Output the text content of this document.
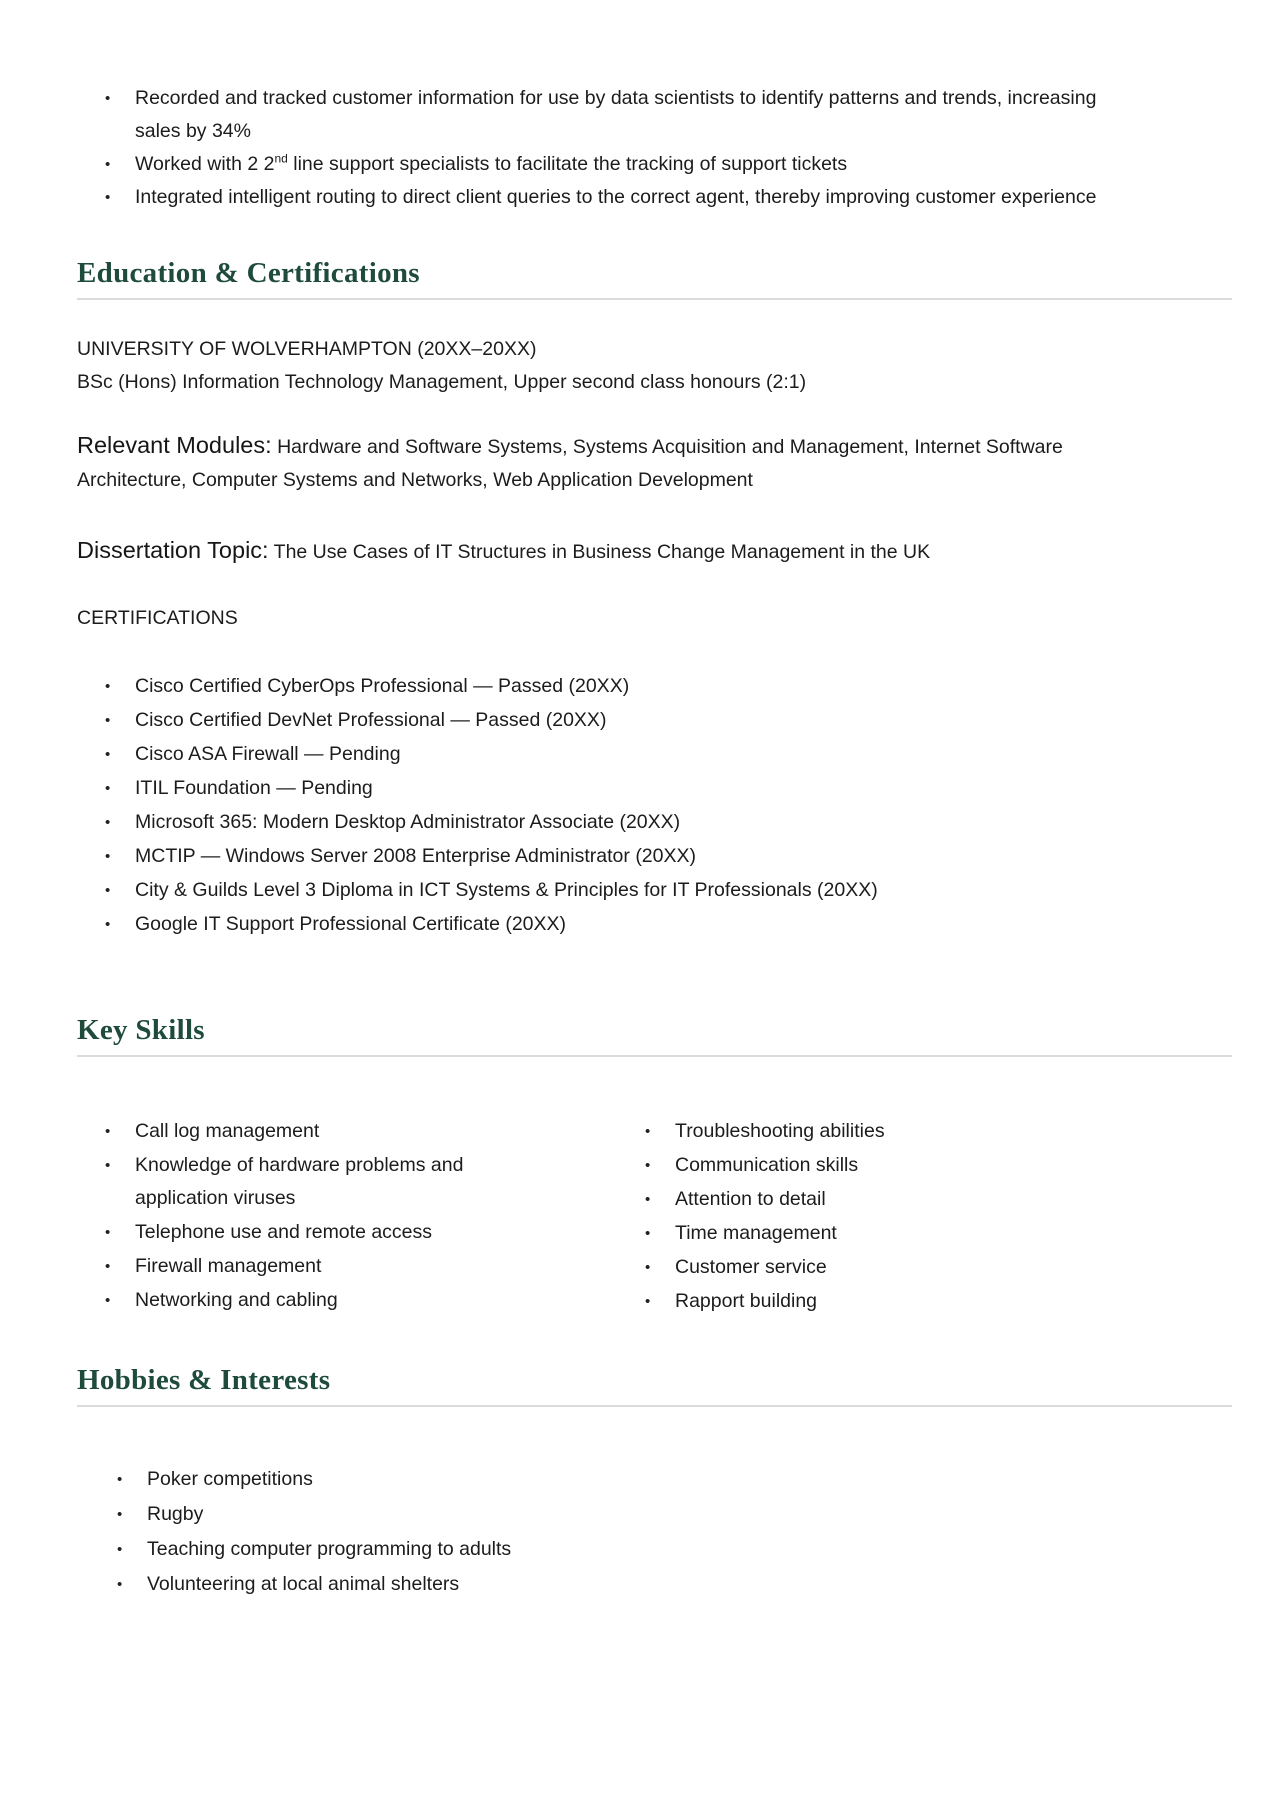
•	Recorded and tracked customer information for use by data scientists to identify patterns and trends, increasing sales by 34%
•	Worked with 2 2nd line support specialists to facilitate the tracking of support tickets
•	Integrated intelligent routing to direct client queries to the correct agent, thereby improving customer experience
Education & Certifications

UNIVERSITY OF WOLVERHAMPTON (20XX–20XX)
BSc (Hons) Information Technology Management, Upper second class honours (2:1)

Relevant Modules: Hardware and Software Systems, Systems Acquisition and Management, Internet Software Architecture, Computer Systems and Networks, Web Application Development

Dissertation Topic: The Use Cases of IT Structures in Business Change Management in the UK

CERTIFICATIONS

•	Cisco Certified CyberOps Professional — Passed (20XX)
•	Cisco Certified DevNet Professional — Passed (20XX)
•	Cisco ASA Firewall — Pending
•	ITIL Foundation — Pending
•	Microsoft 365: Modern Desktop Administrator Associate (20XX)
•	MCTIP — Windows Server 2008 Enterprise Administrator (20XX)
•	City & Guilds Level 3 Diploma in ICT Systems & Principles for IT Professionals (20XX)
•	Google IT Support Professional Certificate (20XX)
Key Skills
•	Call log management
•	Knowledge of hardware problems and application viruses
•	Telephone use and remote access
•	Firewall management
•	Networking and cabling
•	Troubleshooting abilities
•	Communication skills
•	Attention to detail
•	Time management
•	Customer service
•	Rapport building
Hobbies & Interests
•	Poker competitions
•	Rugby
•	Teaching computer programming to adults
•	Volunteering at local animal shelters
